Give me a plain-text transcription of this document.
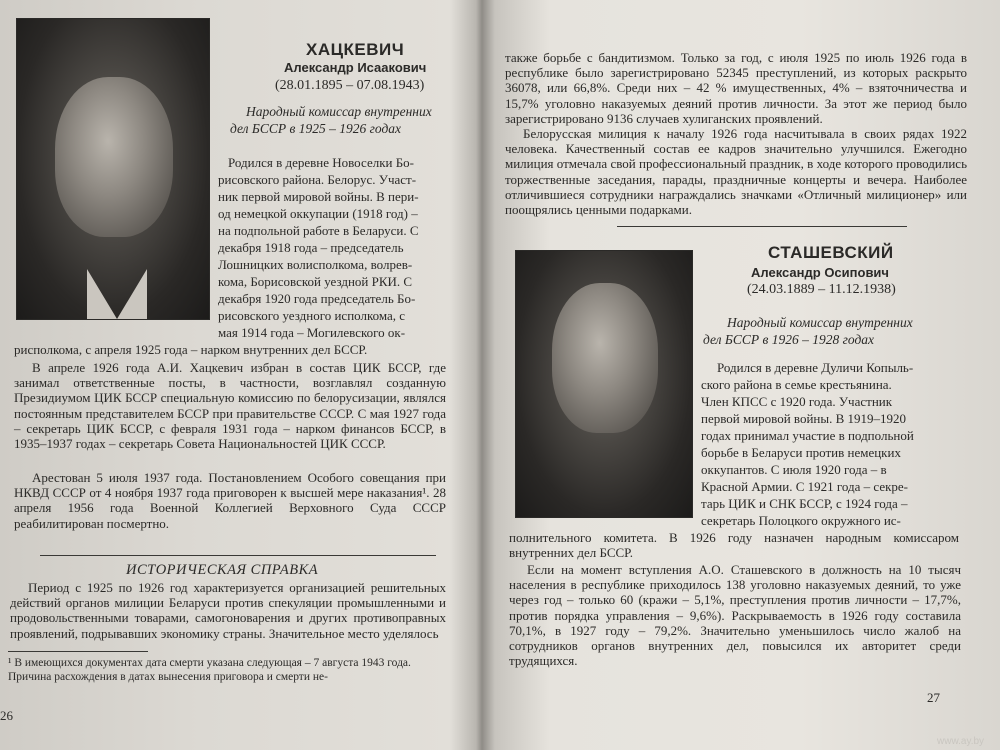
ХАЦКЕВИЧ
Александр Исаакович
(28.01.1895 – 07.08.1943)
Народный комиссар внутренних
дел БССР в 1925 – 1926 годах
Родился в деревне Новоселки Бо-
рисовского района. Белорус. Участ-
ник первой мировой войны. В пери-
од немецкой оккупации (1918 год) –
на подпольной работе в Беларуси. С
декабря 1918 года – председатель
Лошницких волисполкома, волрев-
кома, Борисовской уездной РКИ. С
декабря 1920 года председатель Бо-
рисовского уездного исполкома, с
мая 1914 года – Могилевского ок-
рисполкома, с апреля 1925 года – нарком внутренних дел БССР.
В апреле 1926 года А.И. Хацкевич избран в состав ЦИК БССР, где занимал ответственные посты, в частности, возглавлял созданную Президиумом ЦИК БССР специальную комиссию по белорусизации, являлся постоянным представителем БССР при правительстве СССР. С мая 1927 года – секретарь ЦИК БССР, с февраля 1931 года – нарком финансов БССР, в 1935–1937 годах – секретарь Совета Национальностей ЦИК СССР.
Арестован 5 июля 1937 года. Постановлением Особого совещания при НКВД СССР от 4 ноября 1937 года приговорен к высшей мере наказания¹. 28 апреля 1956 года Военной Коллегией Верховного Суда СССР реабилитирован посмертно.
ИСТОРИЧЕСКАЯ СПРАВКА
Период с 1925 по 1926 год характеризуется организацией решительных действий органов милиции Беларуси против спекуляции промышленными и продовольственными товарами, самогоноварения и других противоправных проявлений, подрывавших экономику страны. Значительное место уделялось
¹ В имеющихся документах дата смерти указана следующая – 7 августа 1943 года. Причина расхождения в датах вынесения приговора и смерти не-
26
также борьбе с бандитизмом. Только за год, с июля 1925 по июль 1926 года в республике было зарегистрировано 52345 преступлений, из которых раскрыто 36078, или 66,8%. Среди них – 42 % имущественных, 4% – взяточничества и 15,7% уголовно наказуемых деяний против личности. За этот же период было зарегистрировано 9136 случаев хулиганских проявлений.
Белорусская милиция к началу 1926 года насчитывала в своих рядах 1922 человека. Качественный состав ее кадров значительно улучшился. Ежегодно милиция отмечала свой профессиональный праздник, в ходе которого проводились торжественные заседания, парады, праздничные концерты и вечера. Наиболее отличившиеся сотрудники награждались значками «Отличный милиционер» или поощрялись ценными подарками.
СТАШЕВСКИЙ
Александр Осипович
(24.03.1889 – 11.12.1938)
Народный комиссар внутренних
дел БССР в 1926 – 1928 годах
Родился в деревне Дуличи Копыль-
ского района в семье крестьянина.
Член КПСС с 1920 года. Участник
первой мировой войны. В 1919–1920
годах принимал участие в подпольной
борьбе в Беларуси против немецких
оккупантов. С июля 1920 года – в
Красной Армии. С 1921 года – секре-
тарь ЦИК и СНК БССР, с 1924 года –
секретарь Полоцкого окружного ис-
полнительного комитета. В 1926 году назначен народным комиссаром внутренних дел БССР.
Если на момент вступления А.О. Сташевского в должность на 10 тысяч населения в республике приходилось 138 уголовно наказуемых деяний, то уже через год – только 60 (кражи – 5,1%, преступления против личности – 17,7%, против порядка управления – 9,6%). Раскрываемость в 1926 году составила 70,1%, в 1927 году – 79,2%. Значительно уменьшилось число жалоб на сотрудников органов внутренних дел, повысился их авторитет среди трудящихся.
27
www.ay.by
